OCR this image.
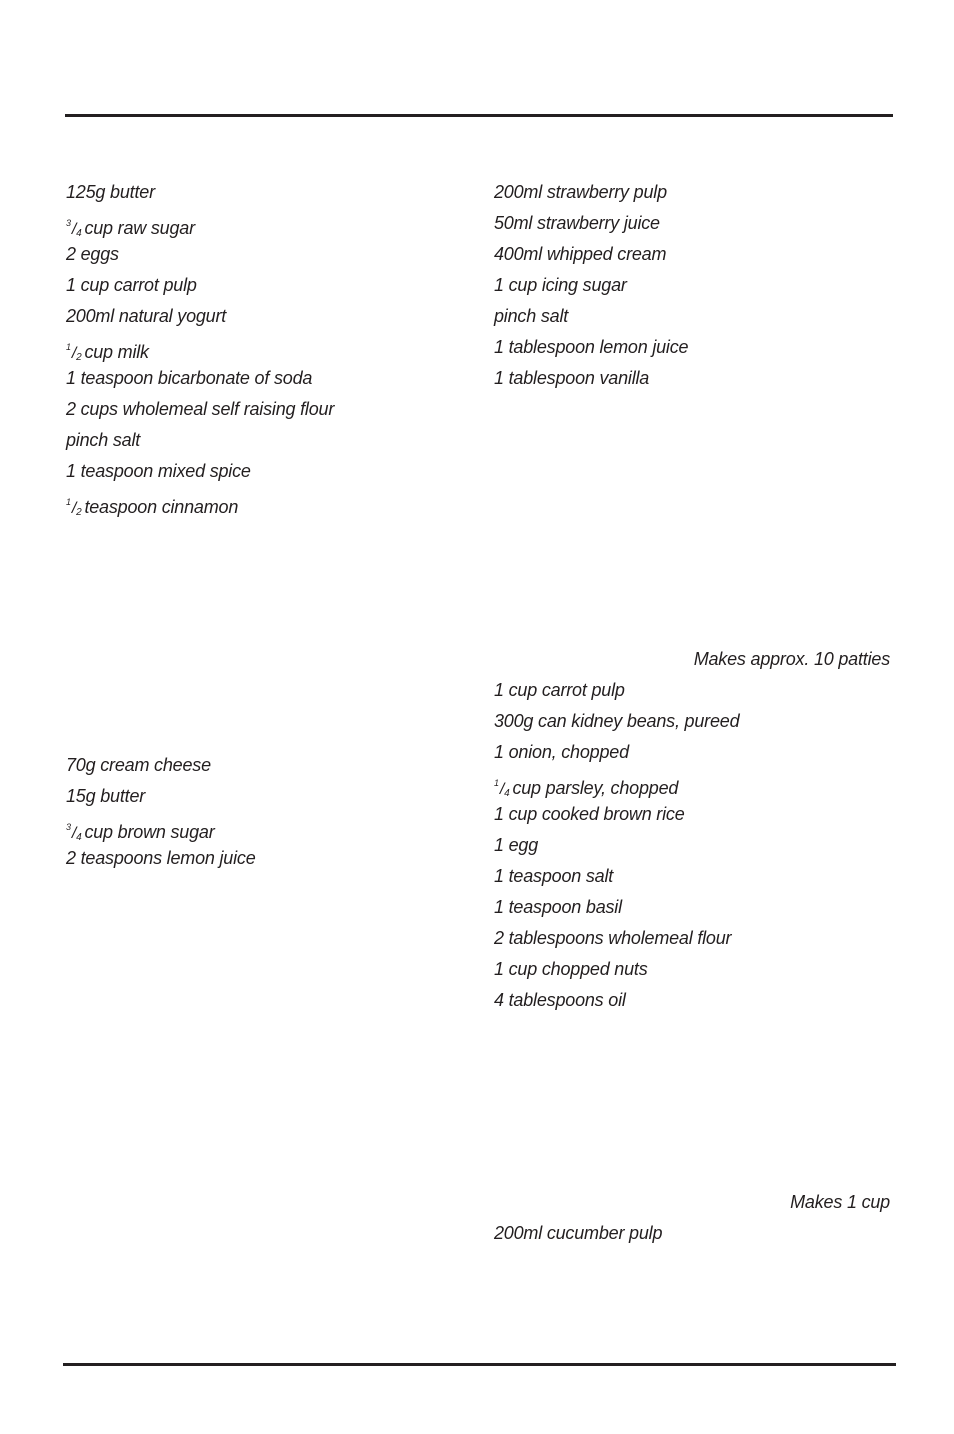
125g butter
$^3$/4 cup raw sugar
2 eggs
1 cup carrot pulp
200ml natural yogurt
$^1$/2 cup milk
1 teaspoon bicarbonate of soda
2 cups wholemeal self raising flour
pinch salt
1 teaspoon mixed spice
$^1$/2 teaspoon cinnamon
200ml strawberry pulp
50ml strawberry juice
400ml whipped cream
1 cup icing sugar
pinch salt
1 tablespoon lemon juice
1 tablespoon vanilla
70g cream cheese
15g butter
$^3$/4 cup brown sugar
2 teaspoons lemon juice
Makes approx. 10 patties
1 cup carrot pulp
300g can kidney beans, pureed
1 onion, chopped
$^1$/4 cup parsley, chopped
1 cup cooked brown rice
1 egg
1 teaspoon salt
1 teaspoon basil
2 tablespoons wholemeal flour
1 cup chopped nuts
4 tablespoons oil
Makes 1 cup
200ml cucumber pulp
